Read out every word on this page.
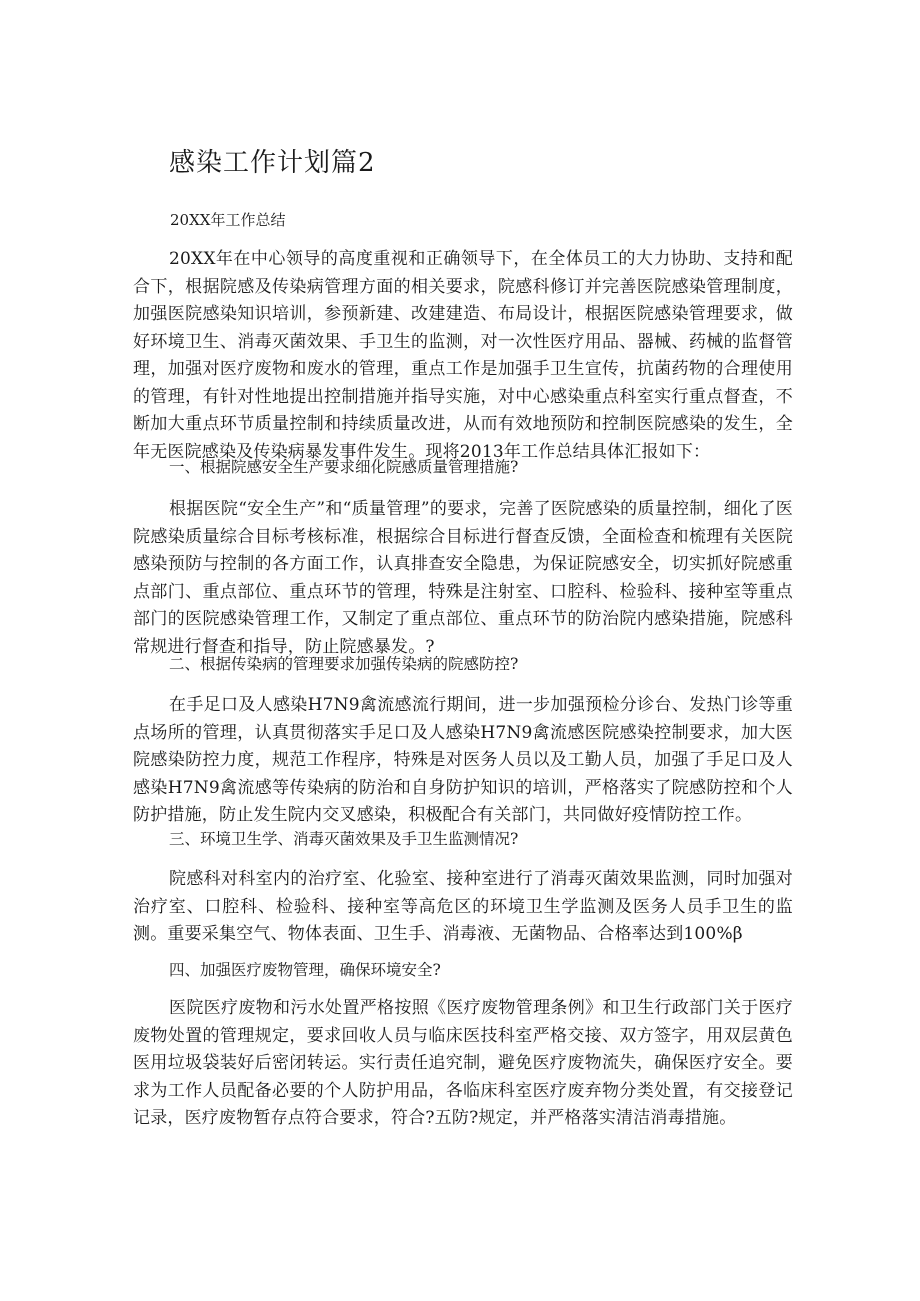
感染工作计划篇2

20XX年工作总结

20XX年在中心领导的高度重视和正确领导下，在全体员工的大力协助、支持和配合下，根据院感及传染病管理方面的相关要求，院感科修订并完善医院感染管理制度，加强医院感染知识培训，参预新建、改建建造、布局设计，根据医院感染管理要求，做好环境卫生、消毒灭菌效果、手卫生的监测，对一次性医疗用品、器械、药械的监督管理，加强对医疗废物和废水的管理，重点工作是加强手卫生宣传，抗菌药物的合理使用的管理，有针对性地提出控制措施并指导实施，对中心感染重点科室实行重点督查，不断加大重点环节质量控制和持续质量改进，从而有效地预防和控制医院感染的发生，全年无医院感染及传染病暴发事件发生。现将2013年工作总结具体汇报如下：

一、根据院感安全生产要求细化院感质量管理措施?

根据医院“安全生产”和“质量管理”的要求，完善了医院感染的质量控制，细化了医院感染质量综合目标考核标准，根据综合目标进行督查反馈，全面检查和梳理有关医院感染预防与控制的各方面工作，认真排查安全隐患，为保证院感安全，切实抓好院感重点部门、重点部位、重点环节的管理，特殊是注射室、口腔科、检验科、接种室等重点部门的医院感染管理工作，又制定了重点部位、重点环节的防治院内感染措施，院感科常规进行督查和指导，防止院感暴发。?

二、根据传染病的管理要求加强传染病的院感防控?

在手足口及人感染H7N9禽流感流行期间，进一步加强预检分诊台、发热门诊等重点场所的管理，认真贯彻落实手足口及人感染H7N9禽流感医院感染控制要求，加大医院感染防控力度，规范工作程序，特殊是对医务人员以及工勤人员，加强了手足口及人感染H7N9禽流感等传染病的防治和自身防护知识的培训，严格落实了院感防控和个人防护措施，防止发生院内交叉感染，积极配合有关部门，共同做好疫情防控工作。

三、环境卫生学、消毒灭菌效果及手卫生监测情况?

院感科对科室内的治疗室、化验室、接种室进行了消毒灭菌效果监测，同时加强对治疗室、口腔科、检验科、接种室等高危区的环境卫生学监测及医务人员手卫生的监测。重要采集空气、物体表面、卫生手、消毒液、无菌物品、合格率达到100%β

四、加强医疗废物管理，确保环境安全?

医院医疗废物和污水处置严格按照《医疗废物管理条例》和卫生行政部门关于医疗废物处置的管理规定，要求回收人员与临床医技科室严格交接、双方签字，用双层黄色医用垃圾袋装好后密闭转运。实行责任追究制，避免医疗废物流失，确保医疗安全。要求为工作人员配备必要的个人防护用品，各临床科室医疗废弃物分类处置，有交接登记记录，医疗废物暂存点符合要求，符合?五防?规定，并严格落实清洁消毒措施。
